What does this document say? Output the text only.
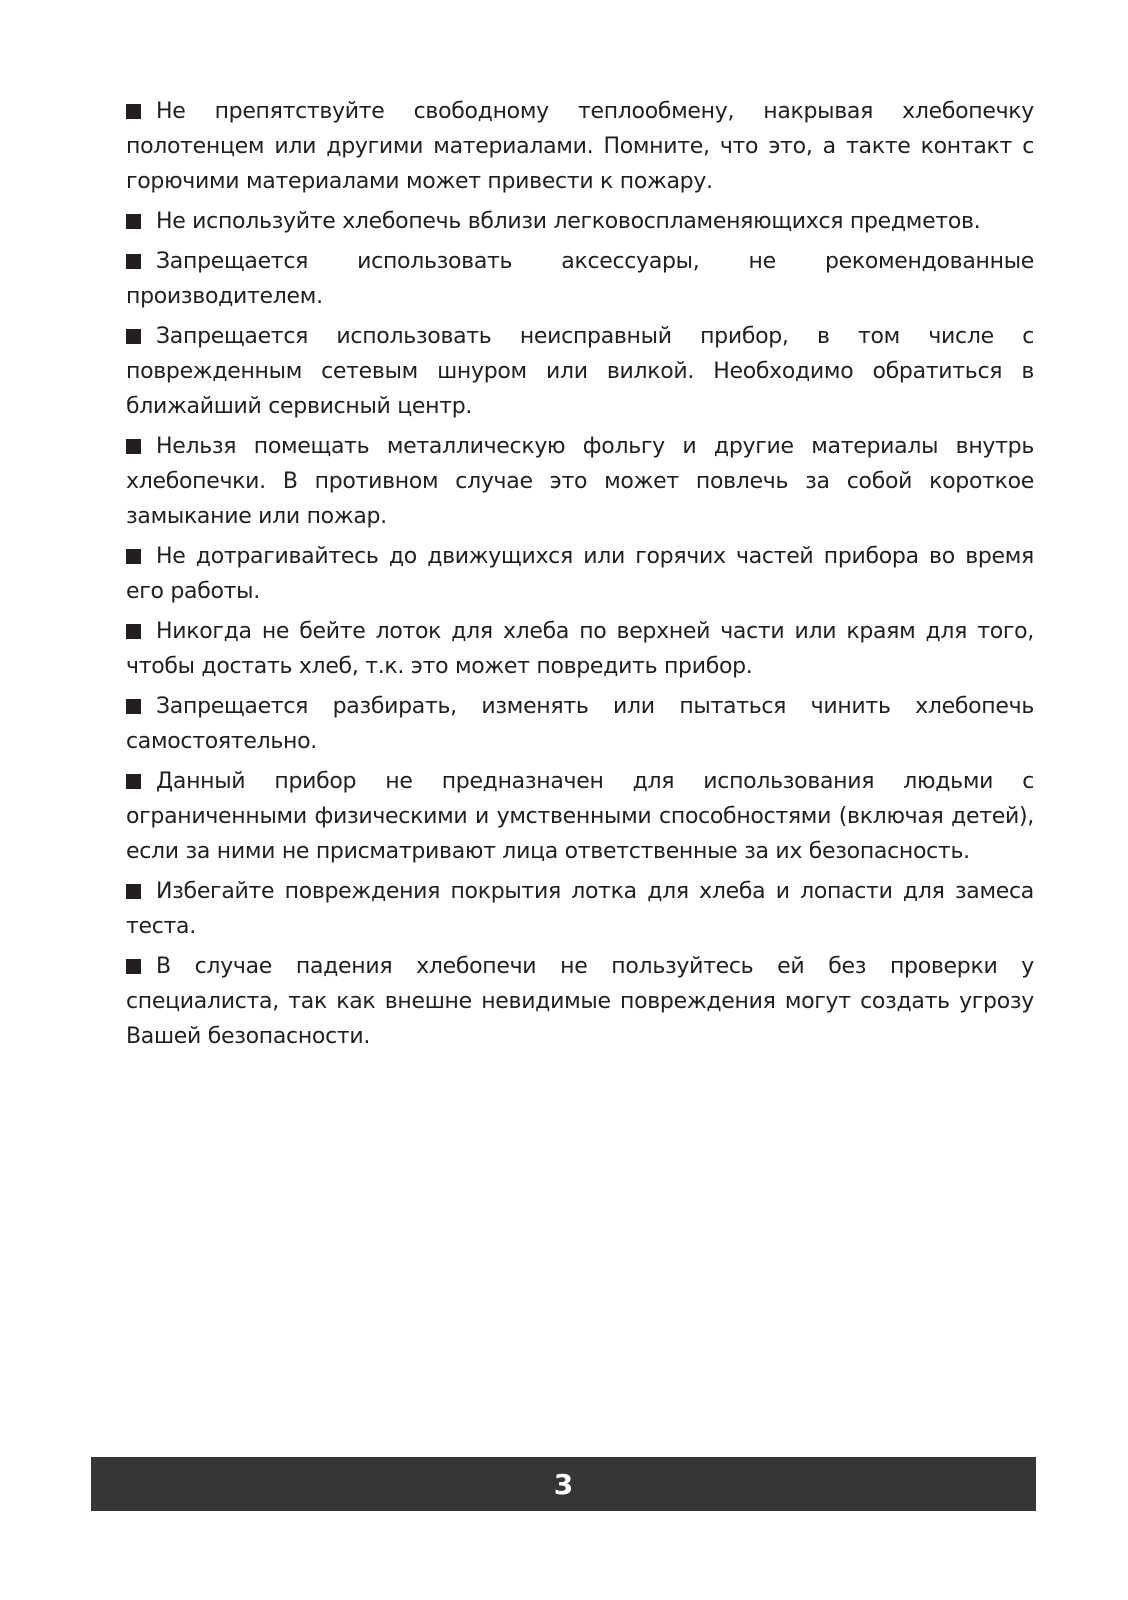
Не препятствуйте свободному теплообмену, накрывая хлебопечку полотенцем или другими материалами. Помните, что это, а такте контакт с горючими материалами может привести к пожару.

Не используйте хлебопечь вблизи легковоспламеняющихся предметов.

Запрещается использовать аксессуары, не рекомендованные производителем.

Запрещается использовать неисправный прибор, в том числе с поврежденным сетевым шнуром или вилкой. Необходимо обратиться в ближайший сервисный центр.

Нельзя помещать металлическую фольгу и другие материалы внутрь хлебопечки. В противном случае это может повлечь за собой короткое замыкание или пожар.

Не дотрагивайтесь до движущихся или горячих частей прибора во время его работы.

Никогда не бейте лоток для хлеба по верхней части или краям для того, чтобы достать хлеб, т.к. это может повредить прибор.

Запрещается разбирать, изменять или пытаться чинить хлебопечь самостоятельно.

Данный прибор не предназначен для использования людьми с ограниченными физическими и умственными способностями (включая детей), если за ними не присматривают лица ответственные за их безопасность.

Избегайте повреждения покрытия лотка для хлеба и лопасти для замеса теста.

В случае падения хлебопечи не пользуйтесь ей без проверки у специалиста, так как внешне невидимые повреждения могут создать угрозу Вашей безопасности.

3
